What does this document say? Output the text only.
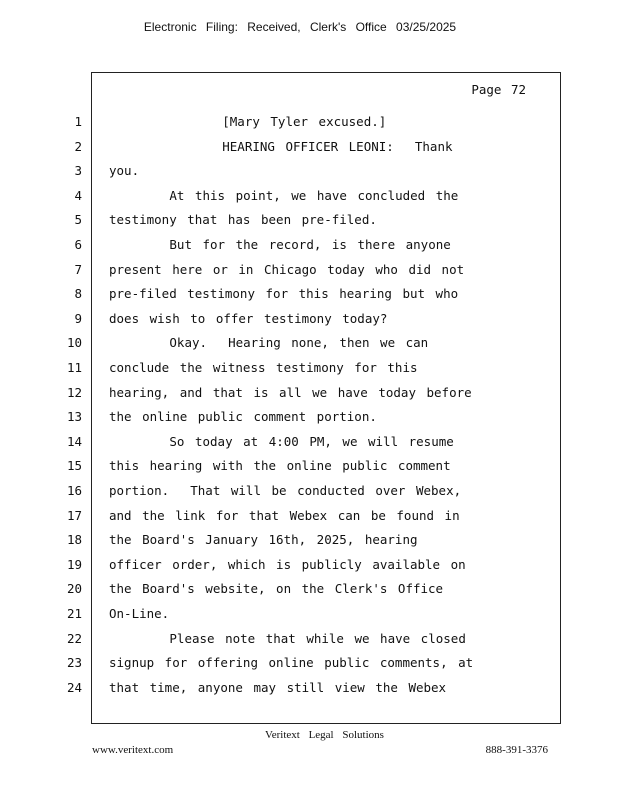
Electronic Filing: Received, Clerk's Office 03/25/2025
Page 72
1	[Mary Tyler excused.]
2	HEARING OFFICER LEONI:  Thank
3 you.
4	At this point, we have concluded the
5 testimony that has been pre-filed.
6	But for the record, is there anyone
7 present here or in Chicago today who did not
8 pre-filed testimony for this hearing but who
9 does wish to offer testimony today?
10	Okay.  Hearing none, then we can
11 conclude the witness testimony for this
12 hearing, and that is all we have today before
13 the online public comment portion.
14	So today at 4:00 PM, we will resume
15 this hearing with the online public comment
16 portion.  That will be conducted over Webex,
17 and the link for that Webex can be found in
18 the Board's January 16th, 2025, hearing
19 officer order, which is publicly available on
20 the Board's website, on the Clerk's Office
21 On-Line.
22	Please note that while we have closed
23 signup for offering online public comments, at
24 that time, anyone may still view the Webex
Veritext Legal Solutions
www.veritext.com	888-391-3376
